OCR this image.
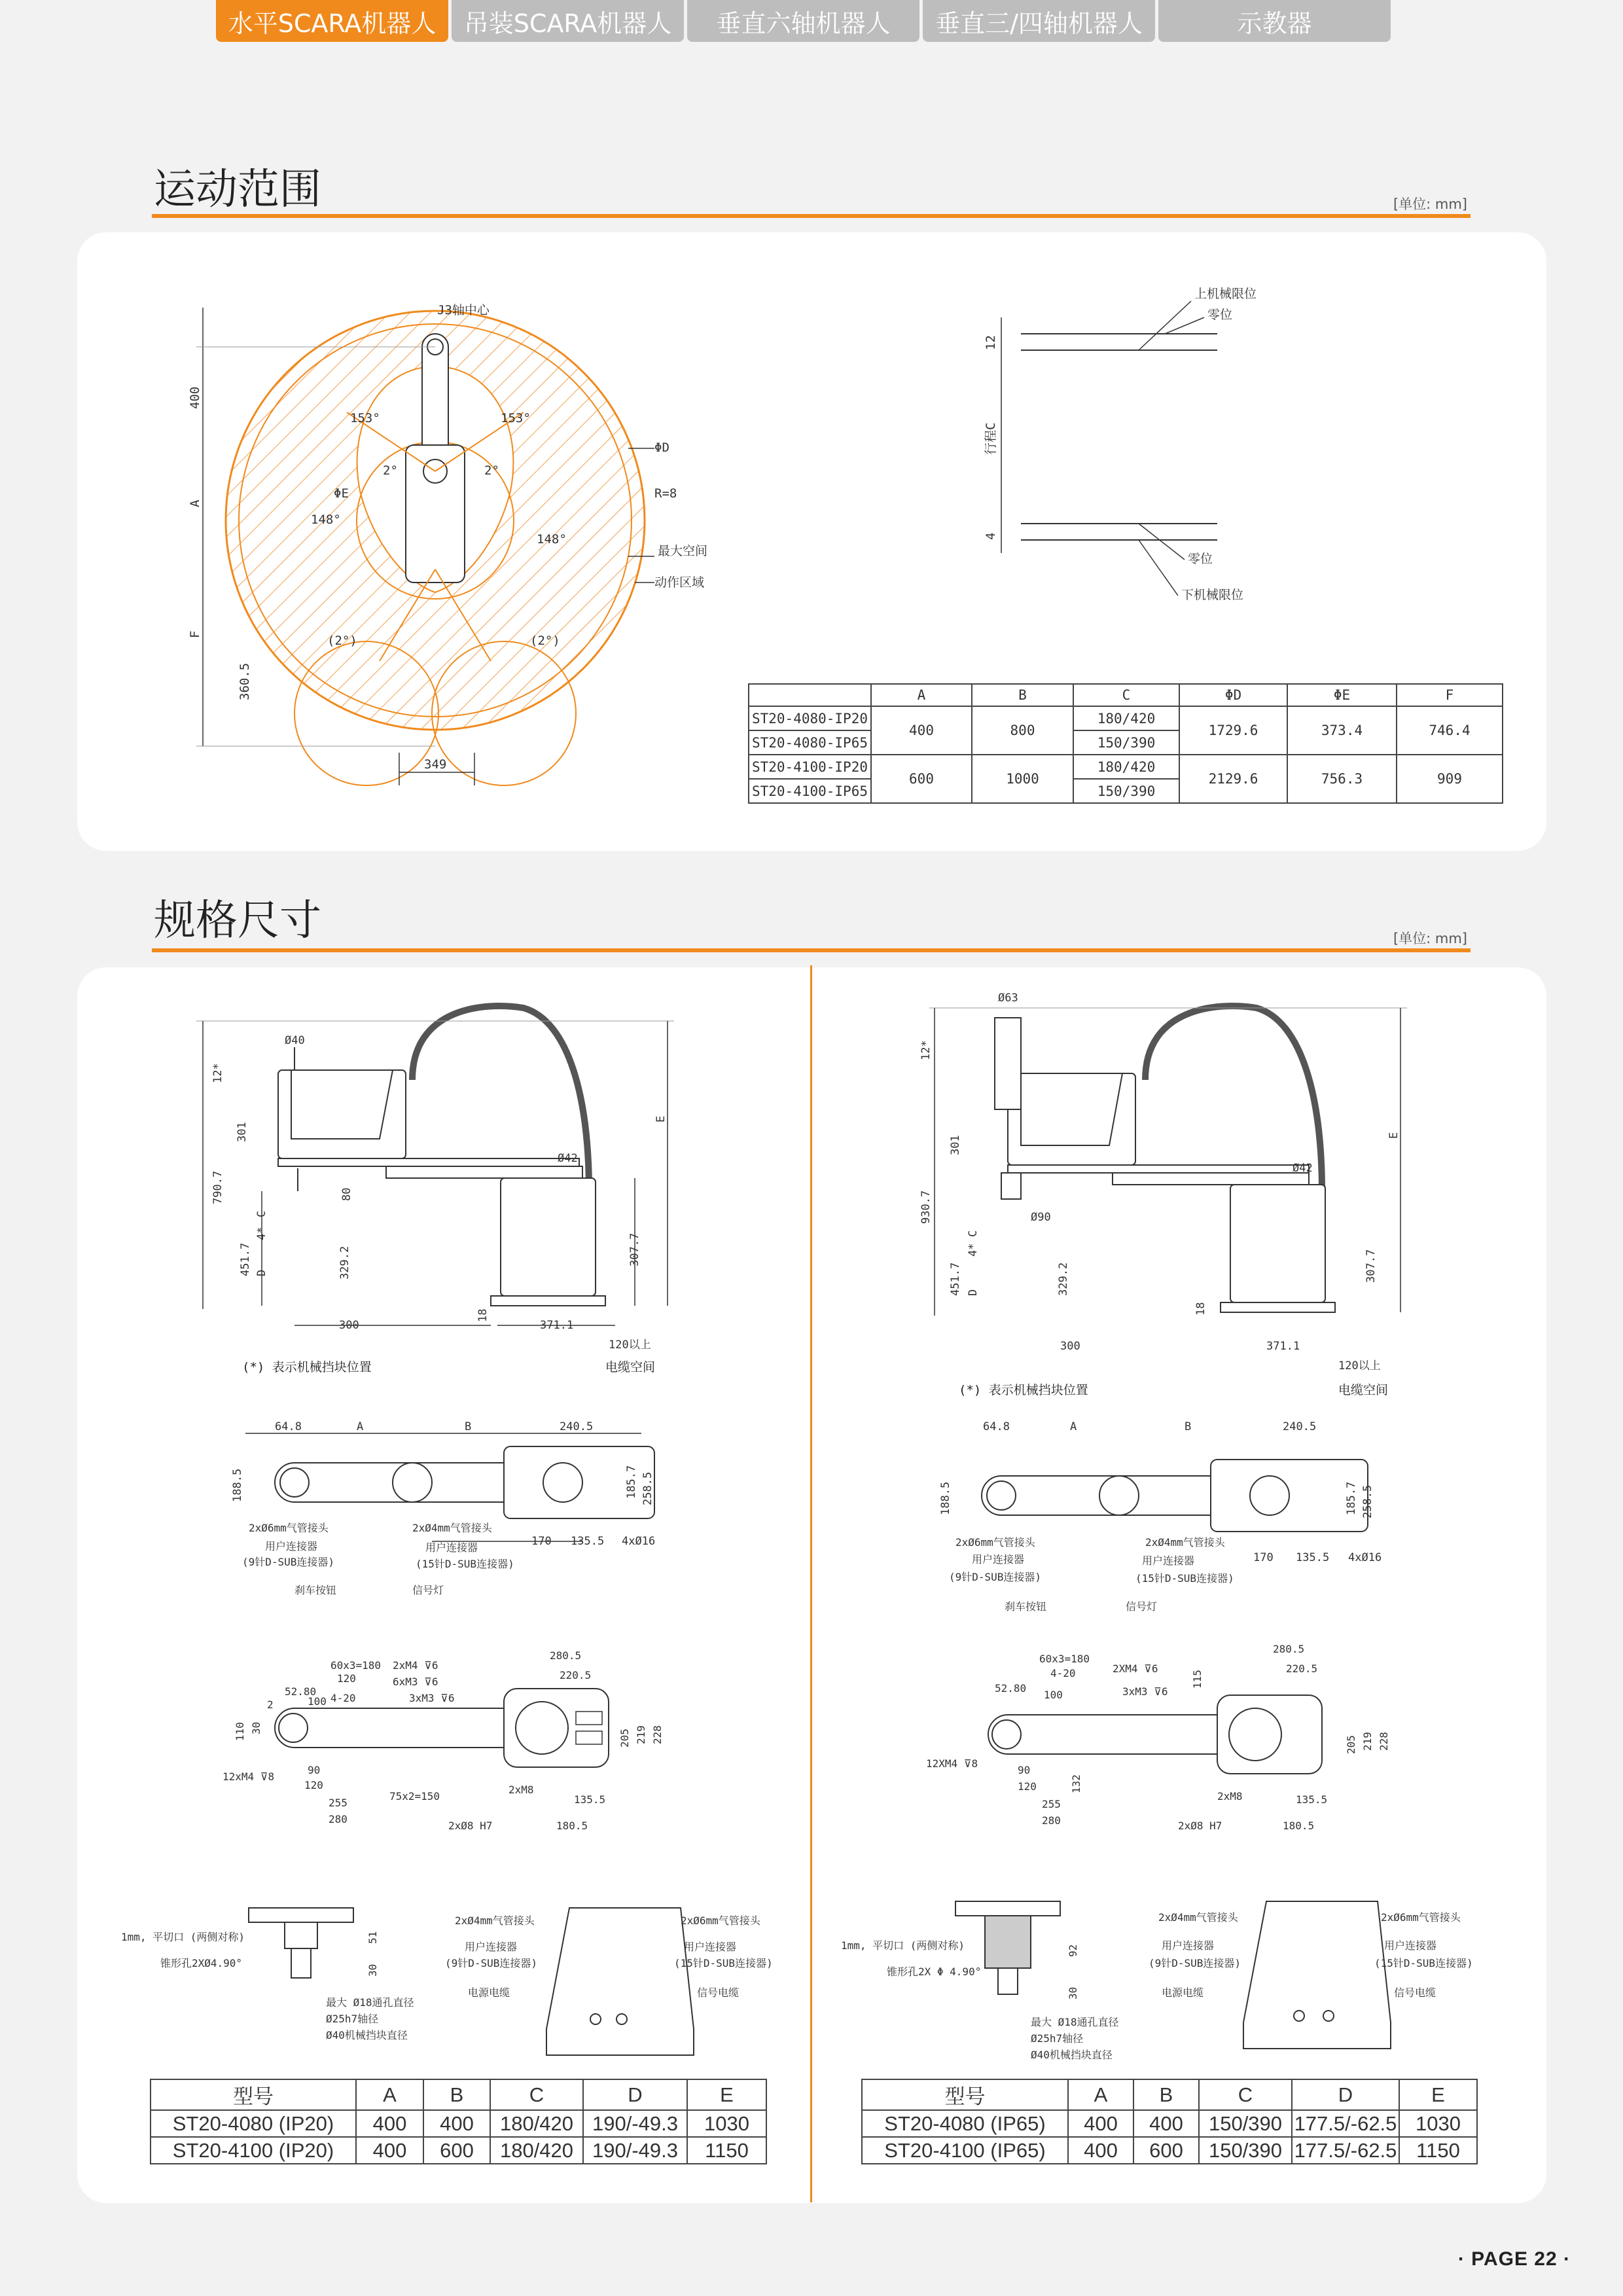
水平SCARA机器人	吊装SCARA机器人	垂直六轴机器人	垂直三/四轴机器人	示教器
运动范围	[单位: mm]
J3轴中心
ΦD
R=8
最大空间
动作区域
ΦE
153°	153°
148°
148°
2°	2°
(2°)	(2°)
349
400
A
F
360.5
上机械限位
零位
零位
下机械限位
行程C
12
4
	A	B	C	ΦD	ΦE	F
ST20-4080-IP20	400	800	180/420	1729.6	373.4	746.4
ST20-4080-IP65			150/390			
ST20-4100-IP20	600	1000	180/420	2129.6	756.3	909
ST20-4100-IP65			150/390			
规格尺寸	[单位: mm]
Ø40
12*
301
790.7	80
451.7
4*
C
D	329.2	307.7
E
Ø42
300
18
371.1
120以上
(*) 表示机械挡块位置	电缆空间
64.8	A	B	240.5
188.5	185.7 258.5
170 135.5 4xØ16
2xØ6mm气管接头
用户连接器
(9针D-SUB连接器)
刹车按钮
2xØ4mm气管接头
用户连接器
(15针D-SUB连接器)
信号灯
60x3=180
120
2xM4 ⊽6
6xM3 ⊽6
3xM3 ⊽6
280.5
220.5
52.80
4-20
100
2
110 30
12xM4 ⊽8
90
120
255
280
75x2=150
2xM8
135.5
2xØ8 H7	180.5
205 219 228
1mm, 平切口 (两侧对称)
锥形孔2XØ4.90°
51
30
最大 Ø18通孔直径
Ø25h7轴径
Ø40机械挡块直径
2xØ4mm气管接头
用户连接器
(9针D-SUB连接器)
电源电缆
2xØ6mm气管接头
用户连接器
(15针D-SUB连接器)
信号电缆
型号	A	B	C	D	E
ST20-4080 (IP20)	400	400	180/420	190/-49.3	1030
ST20-4100 (IP20)	400	600	180/420	190/-49.3	1150
Ø63
12*
301
930.7	Ø90
451.7
4*
C
D	329.2	307.7
E
Ø42
300
18
371.1
120以上
(*) 表示机械挡块位置	电缆空间
64.8	A	B	240.5
188.5	185.7 258.5
170 135.5 4xØ16
2xØ6mm气管接头
用户连接器
(9针D-SUB连接器)
刹车按钮
2xØ4mm气管接头
用户连接器
(15针D-SUB连接器)
信号灯
60x3=180
4-20	2XM4 ⊽6
3xM3 ⊽6
280.5
220.5
52.80
100
115
12XM4 ⊽8
90
120	132
255
280
2xM8	135.5
2xØ8 H7	180.5
205 219 228
1mm, 平切口 (两侧对称)
锥形孔2X Φ 4.90°
92
30
最大 Ø18通孔直径
Ø25h7轴径
Ø40机械挡块直径
2xØ4mm气管接头
用户连接器
(9针D-SUB连接器)
电源电缆
2xØ6mm气管接头
用户连接器
(15针D-SUB连接器)
信号电缆
型号	A	B	C	D	E
ST20-4080 (IP65)	400	400	150/390	177.5/-62.5	1030
ST20-4100 (IP65)	400	600	150/390	177.5/-62.5	1150
· PAGE 22 ·
